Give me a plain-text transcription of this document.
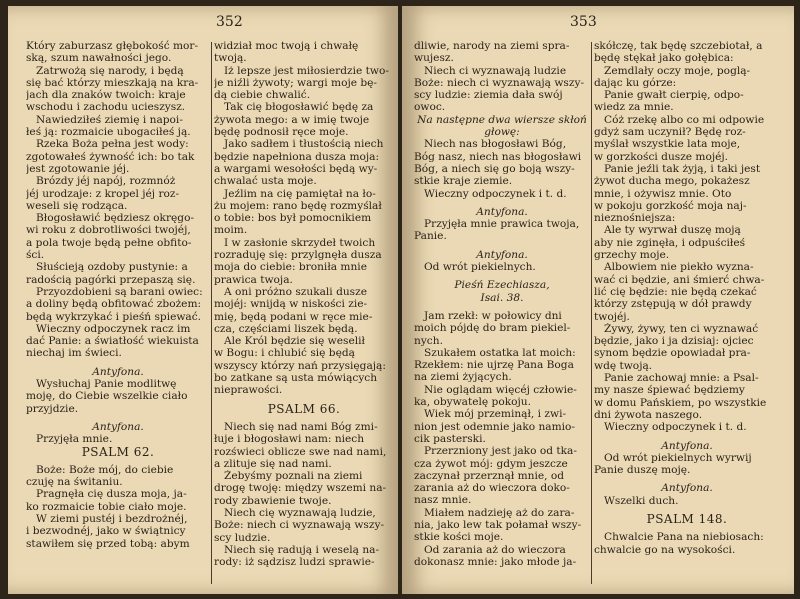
352
Który zaburzasz głębokość mor-
ską, szum nawałności jego.
Zatrwożą się narody, i będą
się bać którzy mieszkają na kra-
jach dla znaków twoich: kraje
wschodu i zachodu ucieszysz.
Nawiedziłeś ziemię i napoi-
łeś ją: rozmaicie ubogaciłeś ją.
Rzeka Boża pełna jest wody:
zgotowałeś żywność ich: bo tak
jest zgotowanie jéj.
Brózdy jéj napój, rozmnóż
jéj urodzaje: z kropel jéj roz-
weseli się rodząca.
Błogosławić będziesz okręgo-
wi roku z dobrotliwości twojéj,
a pola twoje będą pełne obfito-
ści.
Słuścieją ozdoby pustynie: a
radością pagórki przepaszą się.
Przyozdobieni są barani owiec:
a doliny będą obfitować zbożem:
będą wykrzykać i pieśń spiewać.
Wieczny odpoczynek racz im
dać Panie: a światłość wiekuista
niechaj im świeci.
Antyfona.
Wysłuchaj Panie modlitwę
moję, do Ciebie wszelkie ciało
przyjdzie.
Antyfona.
Przyjęła mnie.
PSALM 62.
Boże: Boże mój, do ciebie
czuję na świtaniu.
Pragnęła cię dusza moja, ja-
ko rozmaicie tobie ciało moje.
W ziemi pustéj i bezdrożnéj,
i bezwodnéj, jako w świątnicy
stawiłem się przed tobą: abym
widział moc twoją i chwałę
twoją.
Iż lepsze jest miłosierdzie two-
je niźli żywoty; wargi moje bę-
dą ciebie chwalić.
Tak cię błogosławić będę za
żywota mego: a w imię twoje
będę podnosił ręce moje.
Jako sadłem i tłustością niech
będzie napełniona dusza moja:
a wargami wesołości będą wy-
chwalać usta moje.
Jeźlim na cię pamiętał na ło-
żu mojem: rano będę rozmyślał
o tobie: bos był pomocnikiem
moim.
I w zasłonie skrzydeł twoich
rozraduję się: przylgnęła dusza
moja do ciebie: broniła mnie
prawica twoja.
A oni próżno szukali dusze
mojéj: wnijdą w niskości zie-
mię, będą podani w ręce mie-
cza, częściami liszek będą.
Ale Król będzie się weselił
w Bogu: i chlubić się będą
wszyscy którzy nań przysięgają:
bo zatkane są usta mówiących
nieprawości.
PSALM 66.
Niech się nad nami Bóg zmi-
łuje i błogosławi nam: niech
rozświeci oblicze swe nad nami,
a zlituje się nad nami.
Żebyśmy poznali na ziemi
drogę twoję: między wszemi na-
rody zbawienie twoje.
Niech cię wyznawają ludzie,
Boże: niech ci wyznawają wszy-
scy ludzie.
Niech się radują i weselą na-
rody: iż sądzisz ludzi sprawie-
353
dliwie, narody na ziemi spra-
wujesz.
Niech ci wyznawają ludzie
Boże: niech ci wyznawają wszy-
scy ludzie: ziemia dała swój
owoc.
Na następne dwa wiersze skłoń
głowę:
Niech nas błogosławi Bóg,
Bóg nasz, niech nas błogosławi
Bóg, a niech się go boją wszy-
stkie kraje ziemie.
Wieczny odpoczynek i t. d.
Antyfona.
Przyjęła mnie prawica twoja,
Panie.
Antyfona.
Od wrót piekielnych.
Pieśń Ezechiasza,
Isai. 38.
Jam rzekł: w połowicy dni
moich pójdę do bram piekiel-
nych.
Szukałem ostatka lat moich:
Rzekłem: nie ujrzę Pana Boga
na ziemi żyjących.
Nie oglądam więcéj człowie-
ka, obywatelę pokoju.
Wiek mój przeminął, i zwi-
nion jest odemnie jako namio-
cik pasterski.
Przerzniony jest jako od tka-
cza żywot mój: gdym jeszcze
zaczynał przerznął mnie, od
zarania aż do wieczora doko-
nasz mnie.
Miałem nadzieję aż do zara-
nia, jako lew tak połamał wszy-
stkie kości moje.
Od zarania aż do wieczora
dokonasz mnie: jako młode ja-
skółczę, tak będę szczebiotał, a
będę stękał jako gołębica:
Zemdlały oczy moje, poglą-
dając ku górze:
Panie gwałt cierpię, odpo-
wiedz za mnie.
Cóż rzekę albo co mi odpowie
gdyż sam uczynił? Będę roz-
myślał wszystkie lata moje,
w gorzkości dusze mojéj.
Panie jeźli tak żyją, i taki jest
żywot ducha mego, pokażesz
mnie, i ożywisz mnie. Oto
w pokoju gorzkość moja naj-
nieznośniejsza:
Ale ty wyrwał duszę moją
aby nie zginęła, i odpuściłeś
grzechy moje.
Albowiem nie piekło wyzna-
wać ci będzie, ani śmierć chwa-
lić cię będzie: nie będą czekać
którzy zstępują w dół prawdy
twojéj.
Żywy, żywy, ten ci wyznawać
będzie, jako i ja dzisiaj: ojciec
synom będzie opowiadał pra-
wdę twoją.
Panie zachowaj mnie: a Psal-
my nasze śpiewać będziemy
w domu Pańskiem, po wszystkie
dni żywota naszego.
Wieczny odpoczynek i t. d.
Antyfona.
Od wrót piekielnych wyrwij
Panie duszę moję.
Antyfona.
Wszelki duch.
PSALM 148.
Chwalcie Pana na niebiosach:
chwalcie go na wysokości.
